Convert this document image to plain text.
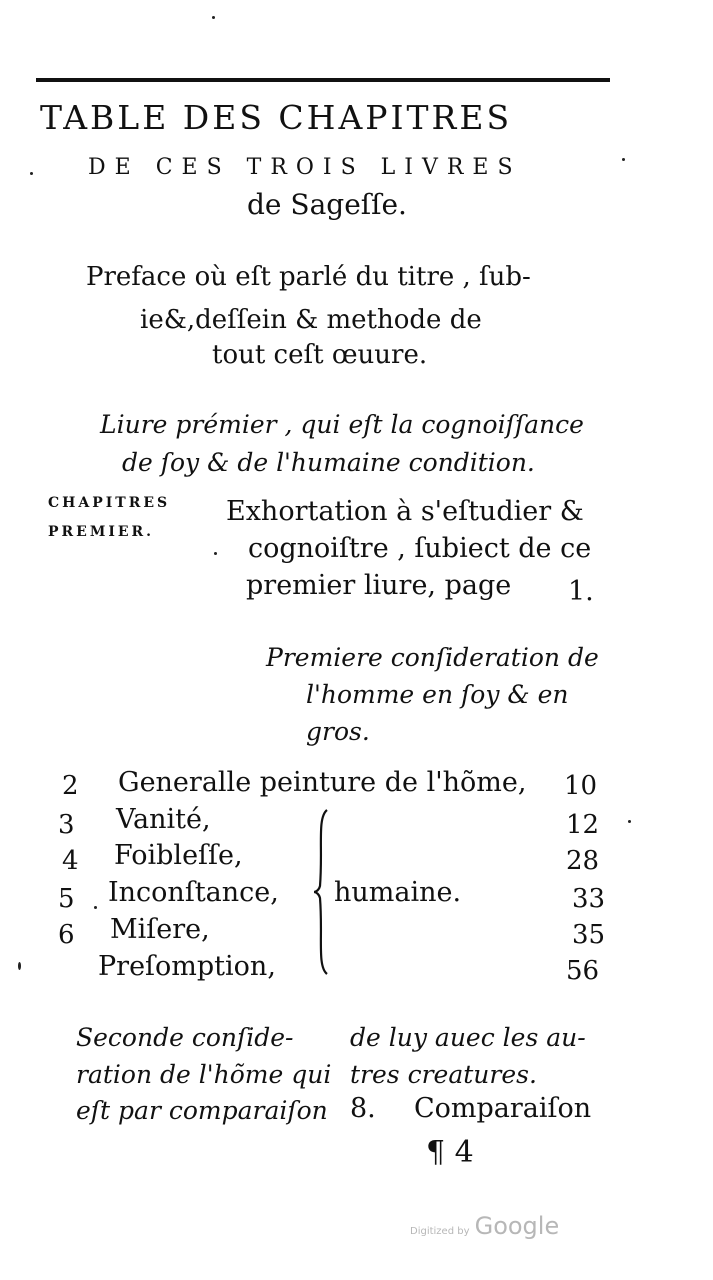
TABLE DES CHAPITRES
DE CES TROIS LIVRES
de Sageſſe.
Preface où eſt parlé du titre , ſub-
ie&,deſſein & methode de
tout ceſt œuure.
Liure prémier , qui eſt la cognoiſſance
de ſoy & de l'humaine condition.
CHAPITRES
PREMIER.
Exhortation à s'eſtudier &
cognoiſtre , ſubiect de ce
premier liure, page 1.
Premiere conſideration de
l'homme en ſoy & en
gros.
2 Generalle peinture de l'hõme, 10
3 Vanité,	12
4 Foibleſſe,	28
5 Inconſtance,	33
6 Miſere,	35
Preſomption,	56
humaine.
Seconde conſide-
ration de l'hõme qui
eſt par comparaiſon
de luy auec les au-
tres creatures.
8. Comparaiſon
¶ 4
Digitized by Google
